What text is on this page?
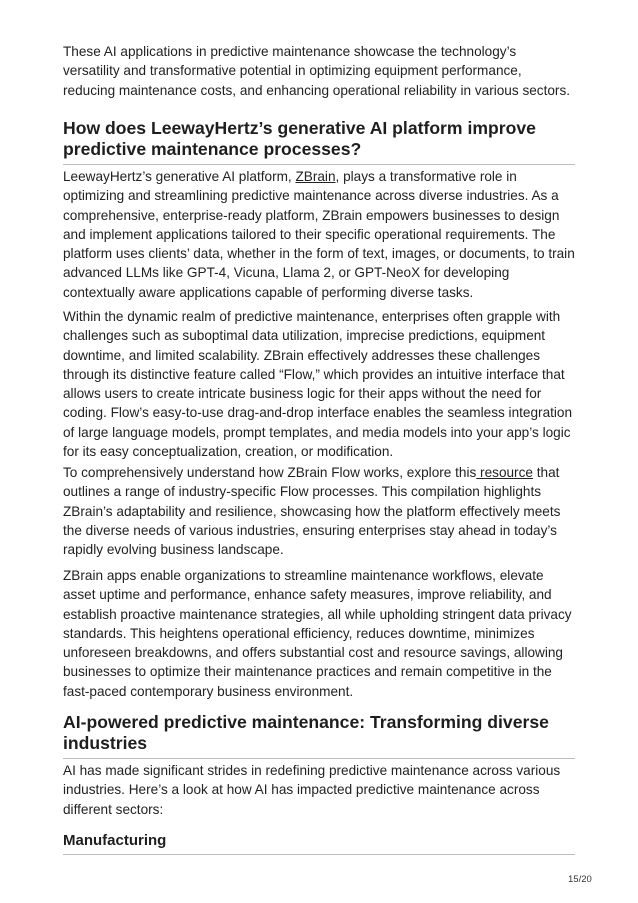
These AI applications in predictive maintenance showcase the technology’s versatility and transformative potential in optimizing equipment performance, reducing maintenance costs, and enhancing operational reliability in various sectors.

How does LeewayHertz’s generative AI platform improve predictive maintenance processes?

LeewayHertz’s generative AI platform, ZBrain, plays a transformative role in optimizing and streamlining predictive maintenance across diverse industries. As a comprehensive, enterprise-ready platform, ZBrain empowers businesses to design and implement applications tailored to their specific operational requirements. The platform uses clients’ data, whether in the form of text, images, or documents, to train advanced LLMs like GPT-4, Vicuna, Llama 2, or GPT-NeoX for developing contextually aware applications capable of performing diverse tasks.

Within the dynamic realm of predictive maintenance, enterprises often grapple with challenges such as suboptimal data utilization, imprecise predictions, equipment downtime, and limited scalability. ZBrain effectively addresses these challenges through its distinctive feature called “Flow,” which provides an intuitive interface that allows users to create intricate business logic for their apps without the need for coding. Flow’s easy-to-use drag-and-drop interface enables the seamless integration of large language models, prompt templates, and media models into your app’s logic for its easy conceptualization, creation, or modification.

To comprehensively understand how ZBrain Flow works, explore this resource that outlines a range of industry-specific Flow processes. This compilation highlights ZBrain’s adaptability and resilience, showcasing how the platform effectively meets the diverse needs of various industries, ensuring enterprises stay ahead in today’s rapidly evolving business landscape.

ZBrain apps enable organizations to streamline maintenance workflows, elevate asset uptime and performance, enhance safety measures, improve reliability, and establish proactive maintenance strategies, all while upholding stringent data privacy standards. This heightens operational efficiency, reduces downtime, minimizes unforeseen breakdowns, and offers substantial cost and resource savings, allowing businesses to optimize their maintenance practices and remain competitive in the fast-paced contemporary business environment.

AI-powered predictive maintenance: Transforming diverse industries

AI has made significant strides in redefining predictive maintenance across various industries. Here’s a look at how AI has impacted predictive maintenance across different sectors:

Manufacturing
15/20
